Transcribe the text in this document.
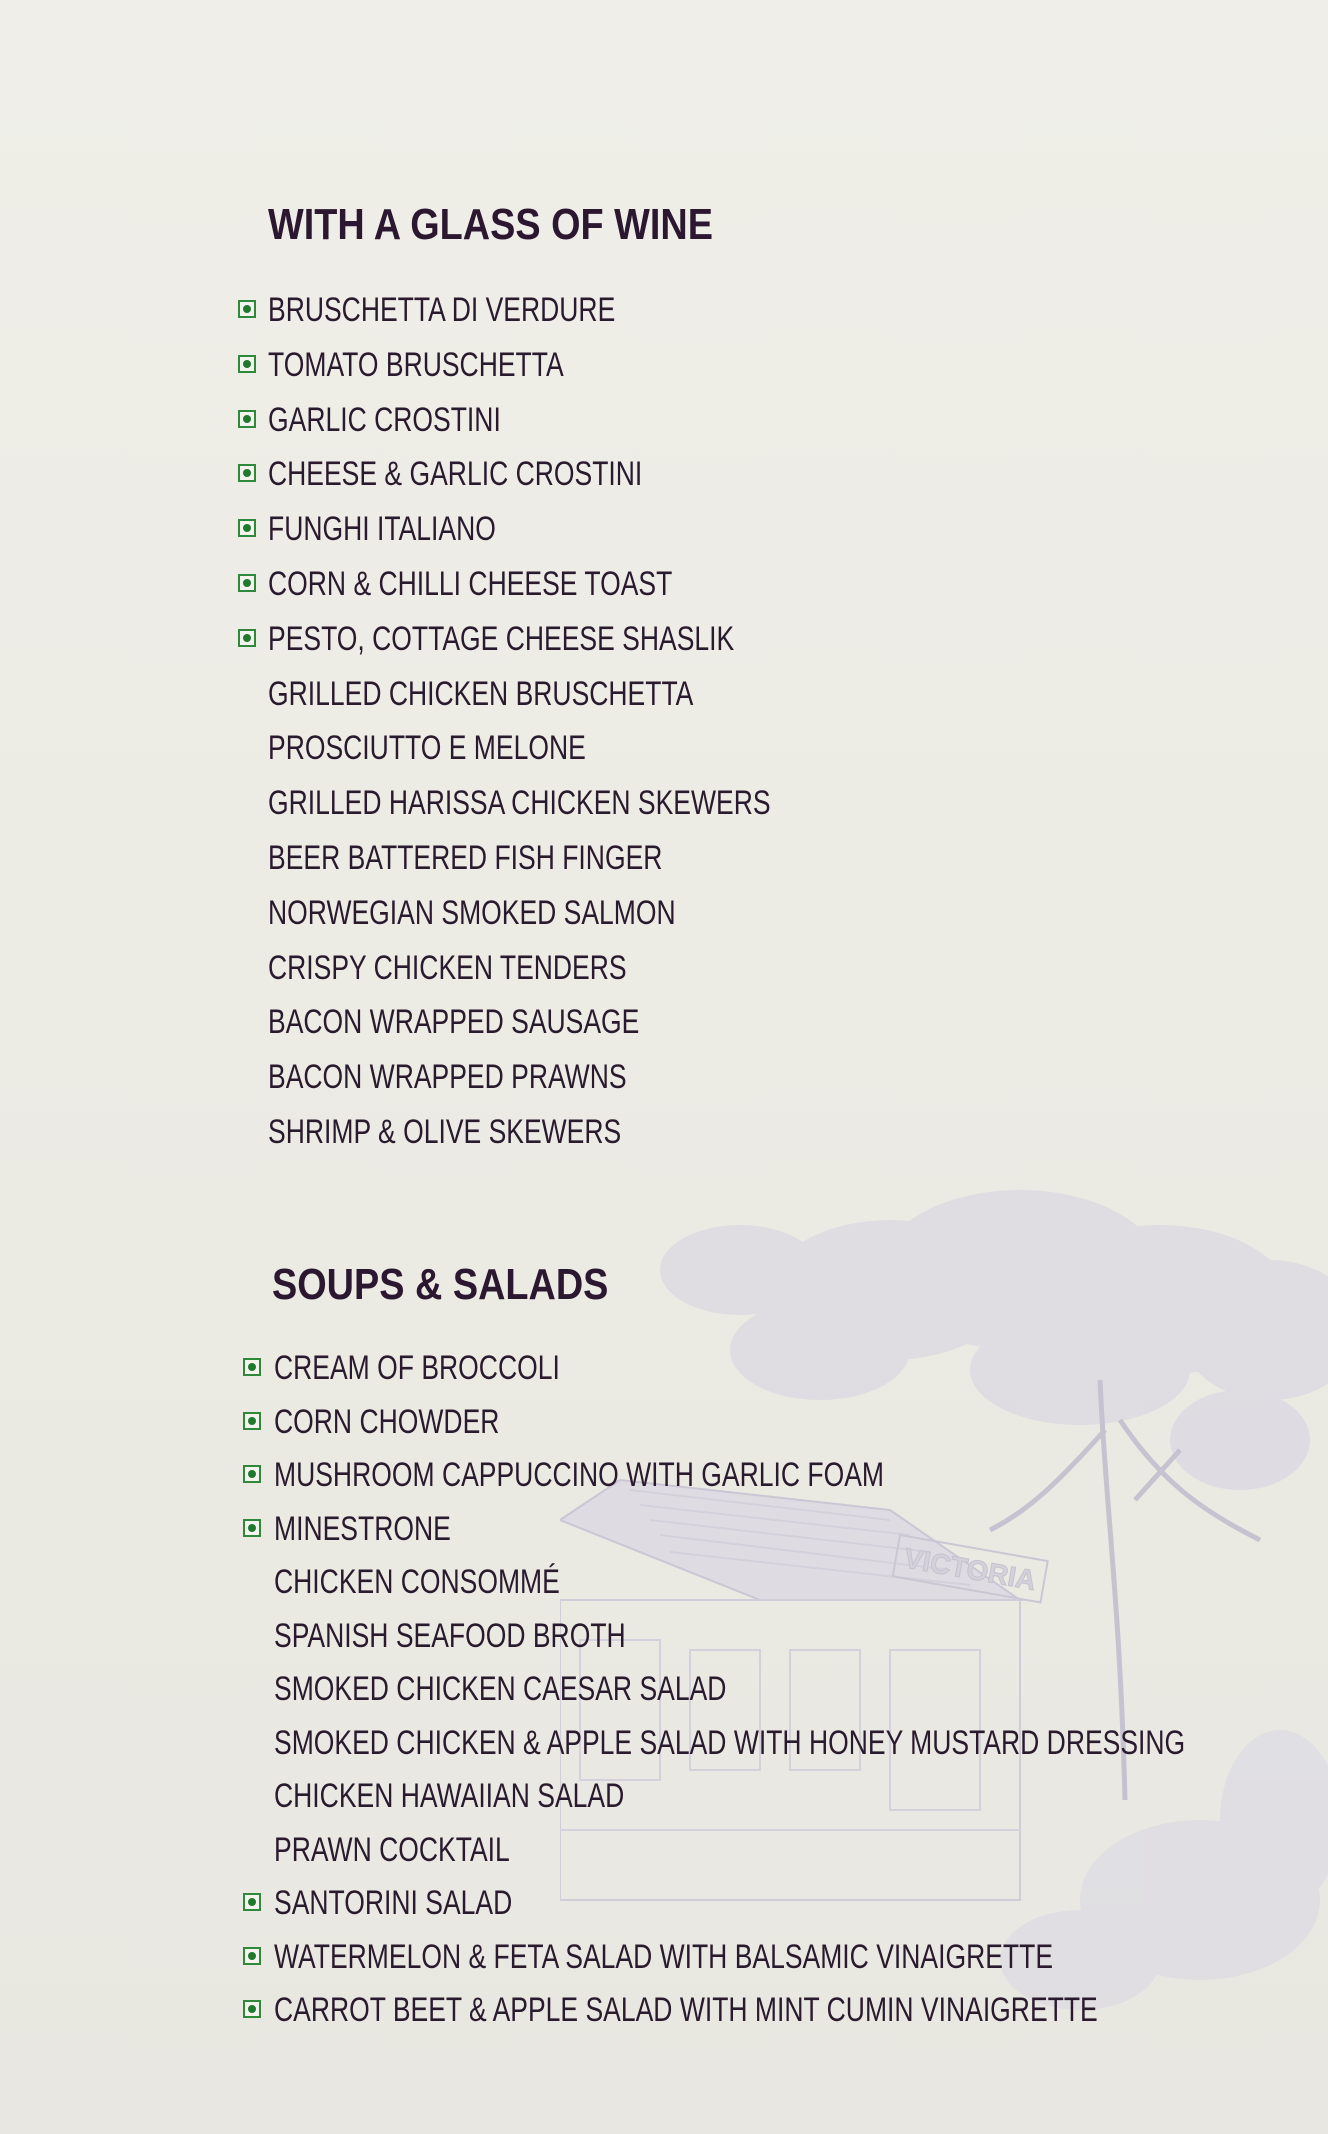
VICTORIA
WITH A GLASS OF WINE
BRUSCHETTA DI VERDURE
TOMATO BRUSCHETTA
GARLIC CROSTINI
CHEESE & GARLIC CROSTINI
FUNGHI ITALIANO
CORN & CHILLI CHEESE TOAST
PESTO, COTTAGE CHEESE SHASLIK
GRILLED CHICKEN BRUSCHETTA
PROSCIUTTO E MELONE
GRILLED HARISSA CHICKEN SKEWERS
BEER BATTERED FISH FINGER
NORWEGIAN SMOKED SALMON
CRISPY CHICKEN TENDERS
BACON WRAPPED SAUSAGE
BACON WRAPPED PRAWNS
SHRIMP & OLIVE SKEWERS
SOUPS & SALADS
CREAM OF BROCCOLI
CORN CHOWDER
MUSHROOM CAPPUCCINO WITH GARLIC FOAM
MINESTRONE
CHICKEN CONSOMMÉ
SPANISH SEAFOOD BROTH
SMOKED CHICKEN CAESAR SALAD
SMOKED CHICKEN & APPLE SALAD WITH HONEY MUSTARD DRESSING
CHICKEN HAWAIIAN SALAD
PRAWN COCKTAIL
SANTORINI SALAD
WATERMELON & FETA SALAD WITH BALSAMIC VINAIGRETTE
CARROT BEET & APPLE SALAD WITH MINT CUMIN VINAIGRETTE
